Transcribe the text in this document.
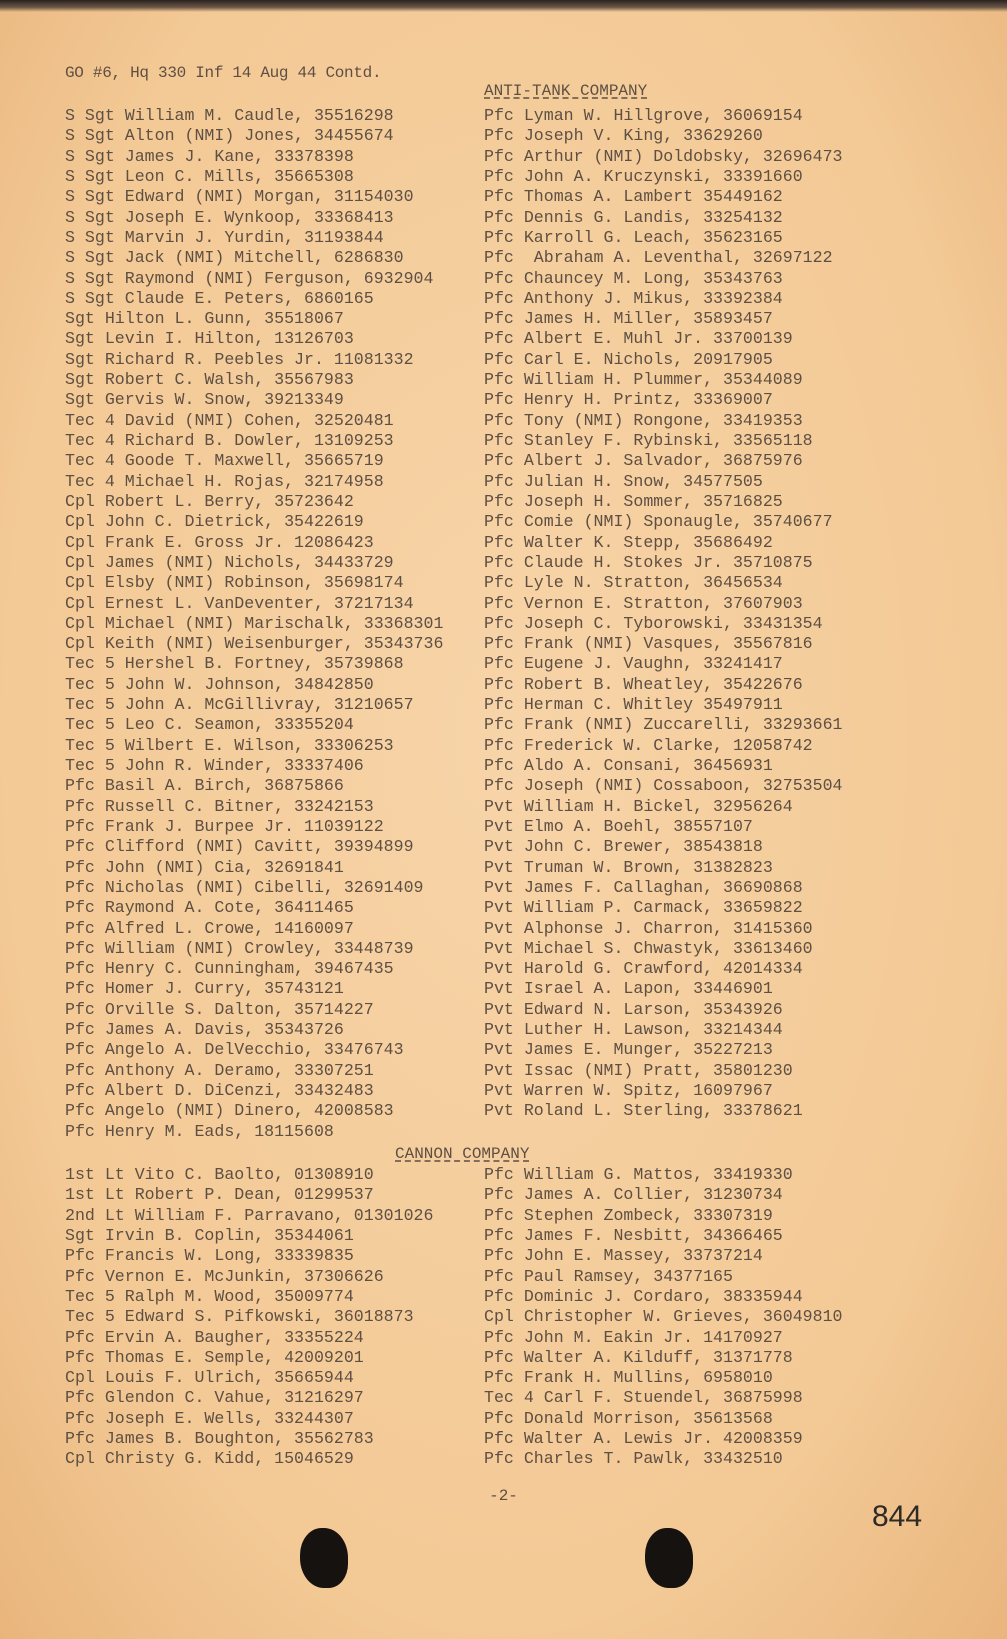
GO #6, Hq 330 Inf 14 Aug 44 Contd.
ANTI-TANK COMPANY
S Sgt William M. Caudle, 35516298
S Sgt Alton (NMI) Jones, 34455674
S Sgt James J. Kane, 33378398
S Sgt Leon C. Mills, 35665308
S Sgt Edward (NMI) Morgan, 31154030
S Sgt Joseph E. Wynkoop, 33368413
S Sgt Marvin J. Yurdin, 31193844
S Sgt Jack (NMI) Mitchell, 6286830
S Sgt Raymond (NMI) Ferguson, 6932904
S Sgt Claude E. Peters, 6860165
Sgt Hilton L. Gunn, 35518067
Sgt Levin I. Hilton, 13126703
Sgt Richard R. Peebles Jr. 11081332
Sgt Robert C. Walsh, 35567983
Sgt Gervis W. Snow, 39213349
Tec 4 David (NMI) Cohen, 32520481
Tec 4 Richard B. Dowler, 13109253
Tec 4 Goode T. Maxwell, 35665719
Tec 4 Michael H. Rojas, 32174958
Cpl Robert L. Berry, 35723642
Cpl John C. Dietrick, 35422619
Cpl Frank E. Gross Jr. 12086423
Cpl James (NMI) Nichols, 34433729
Cpl Elsby (NMI) Robinson, 35698174
Cpl Ernest L. VanDeventer, 37217134
Cpl Michael (NMI) Marischalk, 33368301
Cpl Keith (NMI) Weisenburger, 35343736
Tec 5 Hershel B. Fortney, 35739868
Tec 5 John W. Johnson, 34842850
Tec 5 John A. McGillivray, 31210657
Tec 5 Leo C. Seamon, 33355204
Tec 5 Wilbert E. Wilson, 33306253
Tec 5 John R. Winder, 33337406
Pfc Basil A. Birch, 36875866
Pfc Russell C. Bitner, 33242153
Pfc Frank J. Burpee Jr. 11039122
Pfc Clifford (NMI) Cavitt, 39394899
Pfc John (NMI) Cia, 32691841
Pfc Nicholas (NMI) Cibelli, 32691409
Pfc Raymond A. Cote, 36411465
Pfc Alfred L. Crowe, 14160097
Pfc William (NMI) Crowley, 33448739
Pfc Henry C. Cunningham, 39467435
Pfc Homer J. Curry, 35743121
Pfc Orville S. Dalton, 35714227
Pfc James A. Davis, 35343726
Pfc Angelo A. DelVecchio, 33476743
Pfc Anthony A. Deramo, 33307251
Pfc Albert D. DiCenzi, 33432483
Pfc Angelo (NMI) Dinero, 42008583
Pfc Henry M. Eads, 18115608
Pfc Lyman W. Hillgrove, 36069154
Pfc Joseph V. King, 33629260
Pfc Arthur (NMI) Doldobsky, 32696473
Pfc John A. Kruczynski, 33391660
Pfc Thomas A. Lambert 35449162
Pfc Dennis G. Landis, 33254132
Pfc Karroll G. Leach, 35623165
Pfc  Abraham A. Leventhal, 32697122
Pfc Chauncey M. Long, 35343763
Pfc Anthony J. Mikus, 33392384
Pfc James H. Miller, 35893457
Pfc Albert E. Muhl Jr. 33700139
Pfc Carl E. Nichols, 20917905
Pfc William H. Plummer, 35344089
Pfc Henry H. Printz, 33369007
Pfc Tony (NMI) Rongone, 33419353
Pfc Stanley F. Rybinski, 33565118
Pfc Albert J. Salvador, 36875976
Pfc Julian H. Snow, 34577505
Pfc Joseph H. Sommer, 35716825
Pfc Comie (NMI) Sponaugle, 35740677
Pfc Walter K. Stepp, 35686492
Pfc Claude H. Stokes Jr. 35710875
Pfc Lyle N. Stratton, 36456534
Pfc Vernon E. Stratton, 37607903
Pfc Joseph C. Tyborowski, 33431354
Pfc Frank (NMI) Vasques, 35567816
Pfc Eugene J. Vaughn, 33241417
Pfc Robert B. Wheatley, 35422676
Pfc Herman C. Whitley 35497911
Pfc Frank (NMI) Zuccarelli, 33293661
Pfc Frederick W. Clarke, 12058742
Pfc Aldo A. Consani, 36456931
Pfc Joseph (NMI) Cossaboon, 32753504
Pvt William H. Bickel, 32956264
Pvt Elmo A. Boehl, 38557107
Pvt John C. Brewer, 38543818
Pvt Truman W. Brown, 31382823
Pvt James F. Callaghan, 36690868
Pvt William P. Carmack, 33659822
Pvt Alphonse J. Charron, 31415360
Pvt Michael S. Chwastyk, 33613460
Pvt Harold G. Crawford, 42014334
Pvt Israel A. Lapon, 33446901
Pvt Edward N. Larson, 35343926
Pvt Luther H. Lawson, 33214344
Pvt James E. Munger, 35227213
Pvt Issac (NMI) Pratt, 35801230
Pvt Warren W. Spitz, 16097967
Pvt Roland L. Sterling, 33378621
CANNON COMPANY
1st Lt Vito C. Baolto, 01308910
1st Lt Robert P. Dean, 01299537
2nd Lt William F. Parravano, 01301026
Sgt Irvin B. Coplin, 35344061
Pfc Francis W. Long, 33339835
Pfc Vernon E. McJunkin, 37306626
Tec 5 Ralph M. Wood, 35009774
Tec 5 Edward S. Pifkowski, 36018873
Pfc Ervin A. Baugher, 33355224
Pfc Thomas E. Semple, 42009201
Cpl Louis F. Ulrich, 35665944
Pfc Glendon C. Vahue, 31216297
Pfc Joseph E. Wells, 33244307
Pfc James B. Boughton, 35562783
Cpl Christy G. Kidd, 15046529
Pfc William G. Mattos, 33419330
Pfc James A. Collier, 31230734
Pfc Stephen Zombeck, 33307319
Pfc James F. Nesbitt, 34366465
Pfc John E. Massey, 33737214
Pfc Paul Ramsey, 34377165
Pfc Dominic J. Cordaro, 38335944
Cpl Christopher W. Grieves, 36049810
Pfc John M. Eakin Jr. 14170927
Pfc Walter A. Kilduff, 31371778
Pfc Frank H. Mullins, 6958010
Tec 4 Carl F. Stuendel, 36875998
Pfc Donald Morrison, 35613568
Pfc Walter A. Lewis Jr. 42008359
Pfc Charles T. Pawlk, 33432510
-2-
844
